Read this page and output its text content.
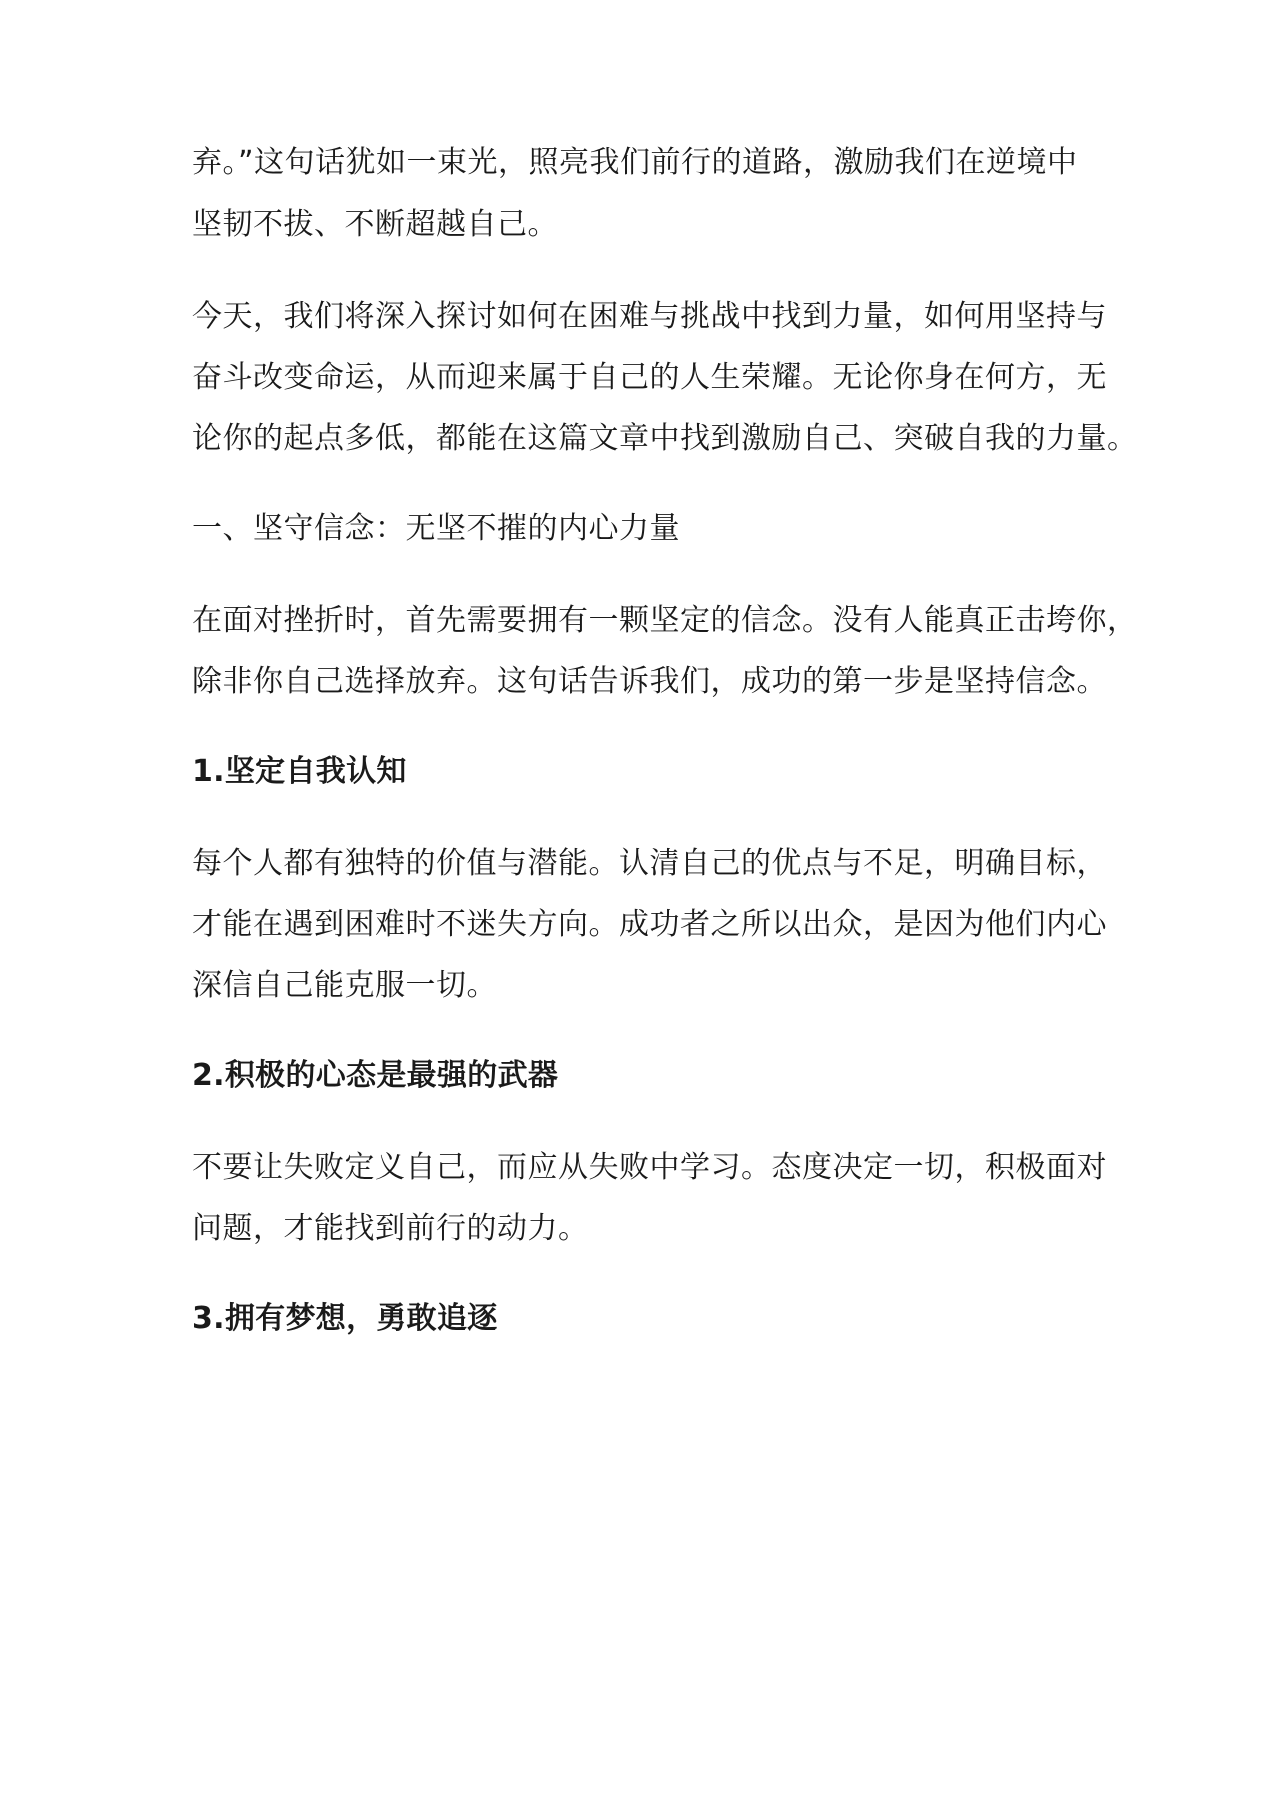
弃。”这句话犹如一束光，照亮我们前行的道路，激励我们在逆境中
坚韧不拔、不断超越自己。
今天，我们将深入探讨如何在困难与挑战中找到力量，如何用坚持与
奋斗改变命运，从而迎来属于自己的人生荣耀。无论你身在何方，无
论你的起点多低，都能在这篇文章中找到激励自己、突破自我的力量。
一、坚守信念：无坚不摧的内心力量
在面对挫折时，首先需要拥有一颗坚定的信念。没有人能真正击垮你，
除非你自己选择放弃。这句话告诉我们，成功的第一步是坚持信念。
1.坚定自我认知
每个人都有独特的价值与潜能。认清自己的优点与不足，明确目标，
才能在遇到困难时不迷失方向。成功者之所以出众，是因为他们内心
深信自己能克服一切。
2.积极的心态是最强的武器
不要让失败定义自己，而应从失败中学习。态度决定一切，积极面对
问题，才能找到前行的动力。
3.拥有梦想，勇敢追逐
